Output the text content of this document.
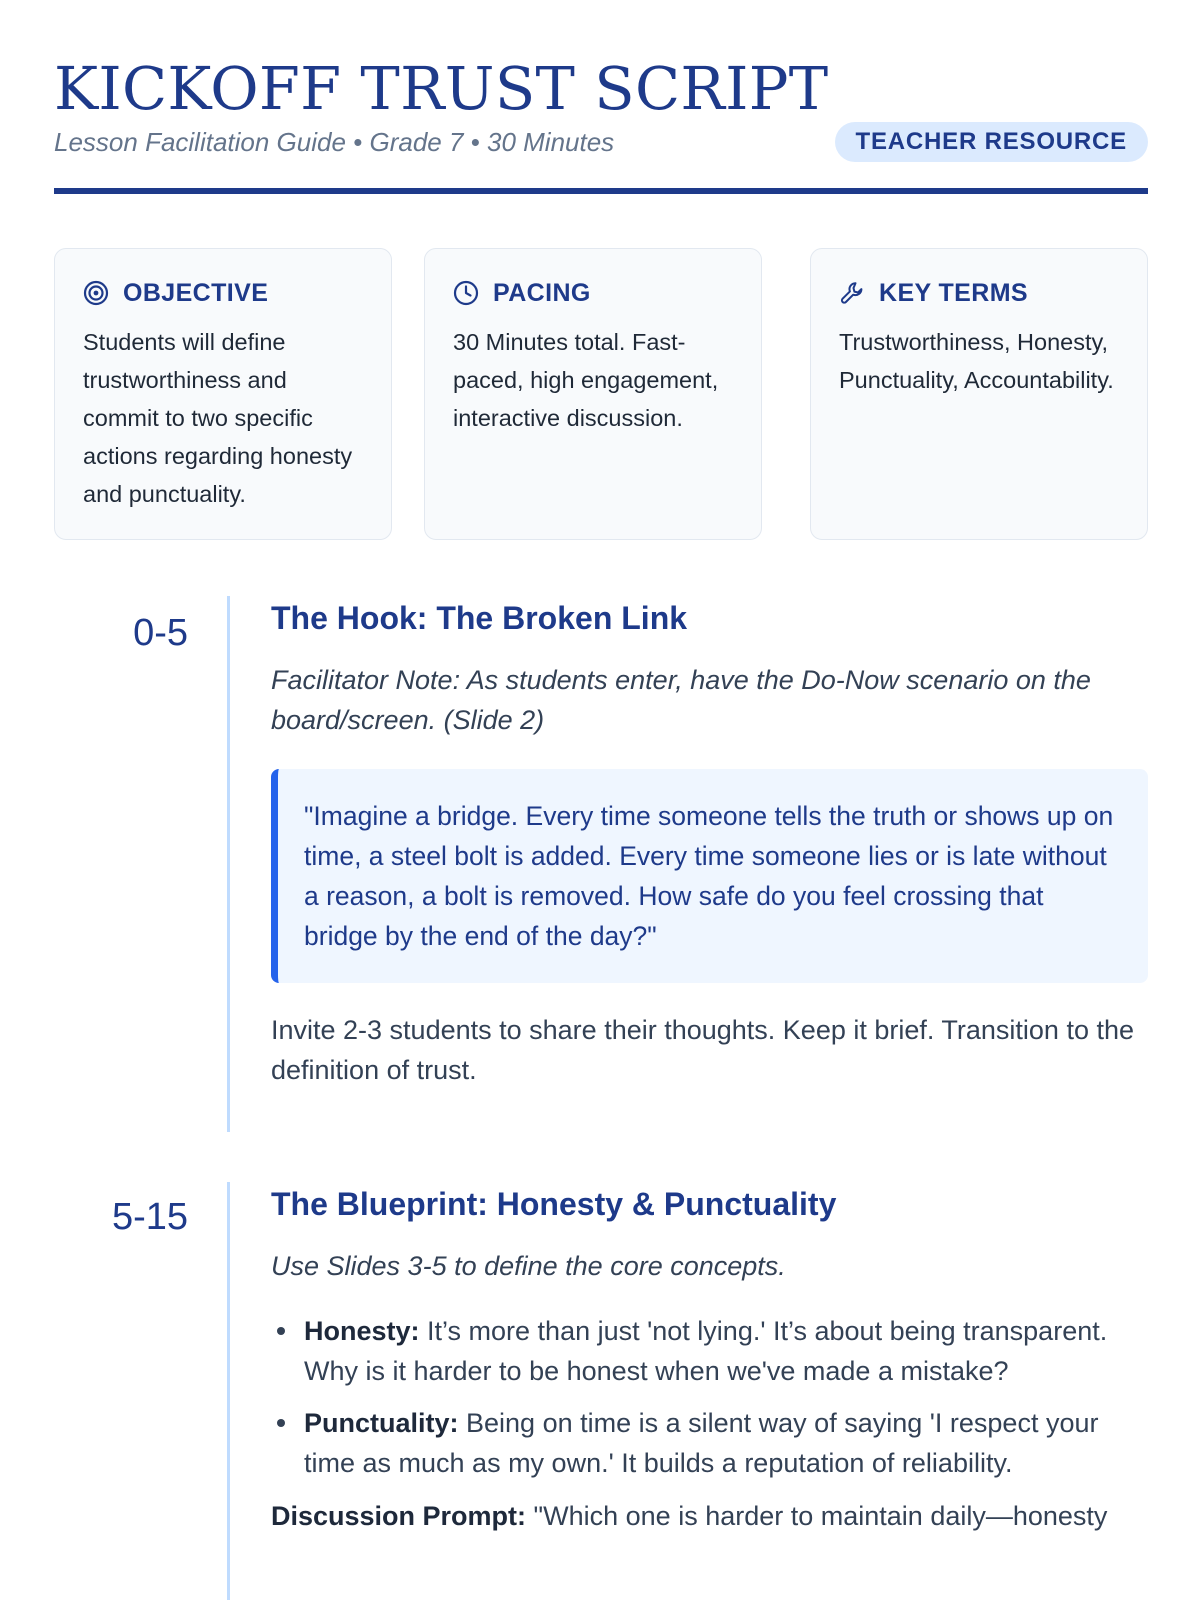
KICKOFF TRUST SCRIPT
Lesson Facilitation Guide • Grade 7 • 30 Minutes	TEACHER RESOURCE
OBJECTIVE
Students will define trustworthiness and commit to two specific actions regarding honesty and punctuality.
PACING
30 Minutes total. Fast-paced, high engagement, interactive discussion.
KEY TERMS
Trustworthiness, Honesty, Punctuality, Accountability.
0-5	The Hook: The Broken Link
Facilitator Note: As students enter, have the Do-Now scenario on the board/screen. (Slide 2)
"Imagine a bridge. Every time someone tells the truth or shows up on time, a steel bolt is added. Every time someone lies or is late without a reason, a bolt is removed. How safe do you feel crossing that bridge by the end of the day?"
Invite 2-3 students to share their thoughts. Keep it brief. Transition to the definition of trust.
5-15	The Blueprint: Honesty & Punctuality
Use Slides 3-5 to define the core concepts.
Honesty: It’s more than just 'not lying.' It’s about being transparent. Why is it harder to be honest when we've made a mistake?
Punctuality: Being on time is a silent way of saying 'I respect your time as much as my own.' It builds a reputation of reliability.
Discussion Prompt: "Which one is harder to maintain daily—honesty
